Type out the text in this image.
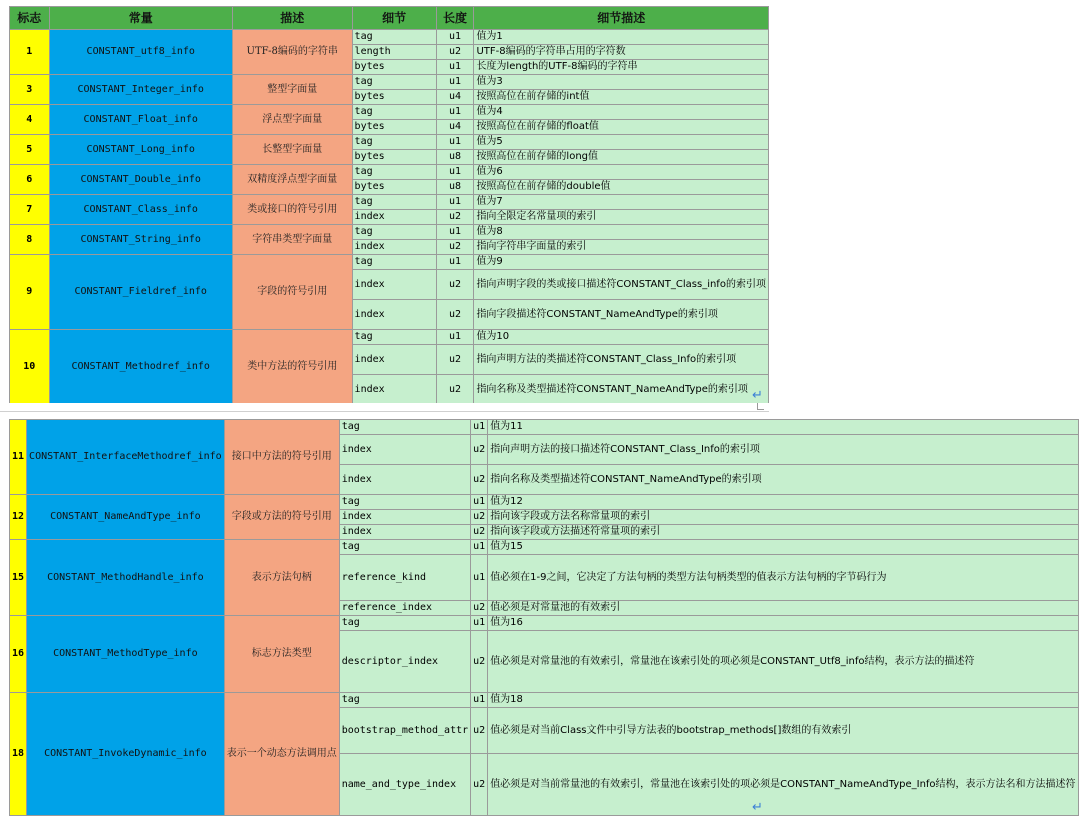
标志	常量	描述	细节	长度	细节描述
1	CONSTANT_utf8_info	UTF-8编码的字符串	tag	u1	值为1
			length	u2	UTF-8编码的字符串占用的字符数
			bytes	u1	长度为length的UTF-8编码的字符串
3	CONSTANT_Integer_info	整型字面量	tag	u1	值为3
			bytes	u4	按照高位在前存储的int值
4	CONSTANT_Float_info	浮点型字面量	tag	u1	值为4
			bytes	u4	按照高位在前存储的float值
5	CONSTANT_Long_info	长整型字面量	tag	u1	值为5
			bytes	u8	按照高位在前存储的long值
6	CONSTANT_Double_info	双精度浮点型字面量	tag	u1	值为6
			bytes	u8	按照高位在前存储的double值
7	CONSTANT_Class_info	类或接口的符号引用	tag	u1	值为7
			index	u2	指向全限定名常量项的索引
8	CONSTANT_String_info	字符串类型字面量	tag	u1	值为8
			index	u2	指向字符串字面量的索引
9	CONSTANT_Fieldref_info	字段的符号引用	tag	u1	值为9
			index	u2	指向声明字段的类或接口描述符CONSTANT_Class_info的索引项
			index	u2	指向字段描述符CONSTANT_NameAndType的索引项
10	CONSTANT_Methodref_info	类中方法的符号引用	tag	u1	值为10
			index	u2	指向声明方法的类描述符CONSTANT_Class_Info的索引项
			index	u2	指向名称及类型描述符CONSTANT_NameAndType的索引项 ↵
11	CONSTANT_InterfaceMethodref_info	接口中方法的符号引用	tag	u1	值为11
			index	u2	指向声明方法的接口描述符CONSTANT_Class_Info的索引项
			index	u2	指向名称及类型描述符CONSTANT_NameAndType的索引项
12	CONSTANT_NameAndType_info	字段或方法的符号引用	tag	u1	值为12
			index	u2	指向该字段或方法名称常量项的索引
			index	u2	指向该字段或方法描述符常量项的索引
15	CONSTANT_MethodHandle_info	表示方法句柄	tag	u1	值为15
			reference_kind	u1	值必须在1-9之间，它决定了方法句柄的类型方法句柄类型的值表示方法句柄的字节码行为
			reference_index	u2	值必须是对常量池的有效索引
16	CONSTANT_MethodType_info	标志方法类型	tag	u1	值为16
			descriptor_index	u2	值必须是对常量池的有效索引，常量池在该索引处的项必须是CONSTANT_Utf8_info结构，表示方法的描述符
18	CONSTANT_InvokeDynamic_info	表示一个动态方法调用点	tag	u1	值为18
			bootstrap_method_attr	u2	值必须是对当前Class文件中引导方法表的bootstrap_methods[]数组的有效索引
			name_and_type_index	u2	值必须是对当前常量池的有效索引，常量池在该索引处的项必须是CONSTANT_NameAndType_Info结构，表示方法名和方法描述符
↵
